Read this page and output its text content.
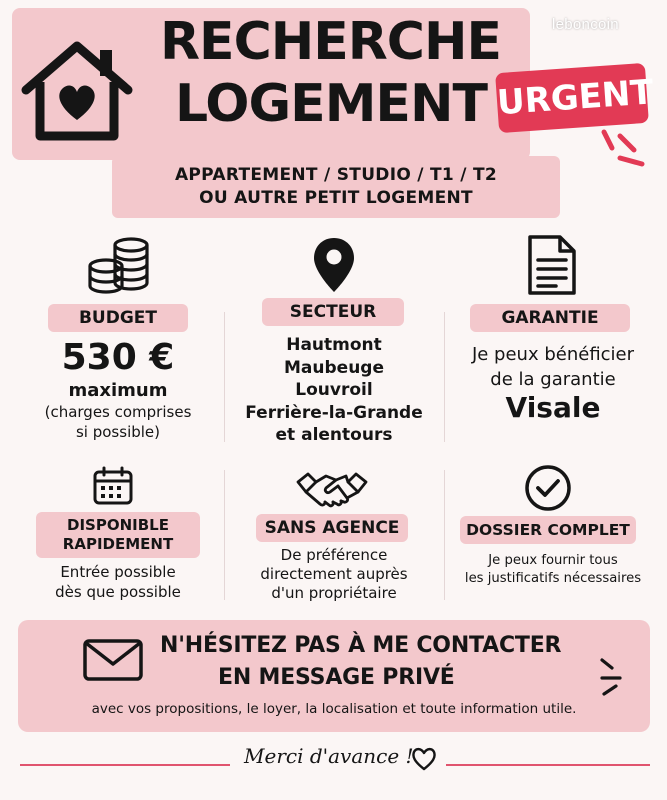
leboncoin
RECHERCHE
LOGEMENT URGENT
APPARTEMENT / STUDIO / T1 / T2
OU AUTRE PETIT LOGEMENT
BUDGET
530 €
maximum
(charges comprises
si possible)
SECTEUR
Hautmont
Maubeuge
Louvroil
Ferrière-la-Grande
et alentours
GARANTIE
Je peux bénéficier
de la garantie
Visale
DISPONIBLE
RAPIDEMENT
Entrée possible
dès que possible
SANS AGENCE
De préférence
directement auprès
d'un propriétaire
DOSSIER COMPLET
Je peux fournir tous
les justificatifs nécessaires
N'HÉSITEZ PAS À ME CONTACTER
EN MESSAGE PRIVÉ
avec vos propositions, le loyer, la localisation et toute information utile.
Merci d'avance !
